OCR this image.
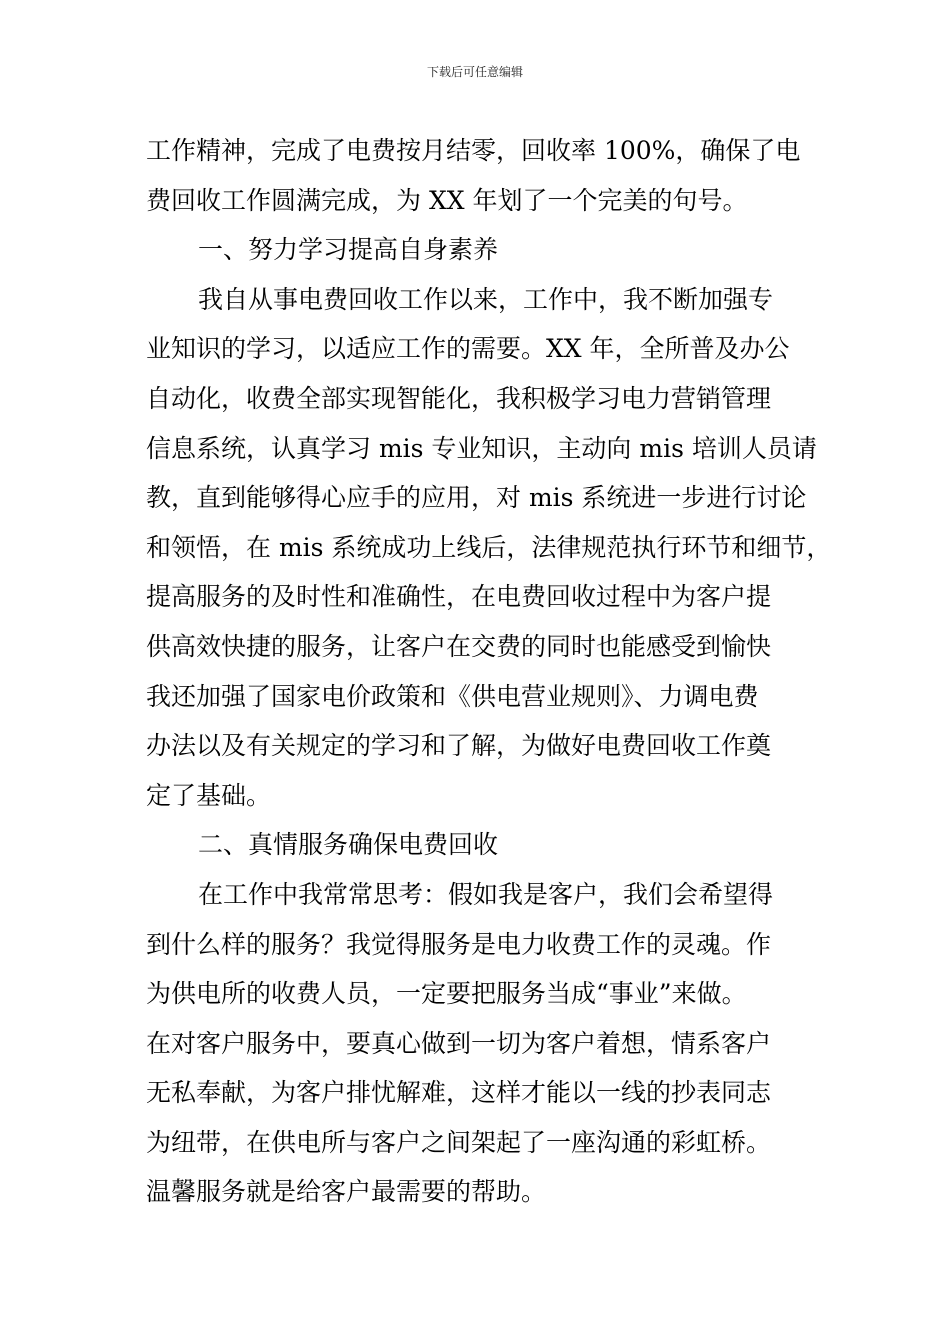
下载后可任意编辑
工作精神，完成了电费按月结零，回收率 100%，确保了电
费回收工作圆满完成，为 XX 年划了一个完美的句号。
一、努力学习提高自身素养
我自从事电费回收工作以来，工作中，我不断加强专
业知识的学习，以适应工作的需要。XX 年，全所普及办公
自动化，收费全部实现智能化，我积极学习电力营销管理
信息系统，认真学习 mis 专业知识，主动向 mis 培训人员请
教，直到能够得心应手的应用，对 mis 系统进一步进行讨论
和领悟，在 mis 系统成功上线后，法律规范执行环节和细节，
提高服务的及时性和准确性，在电费回收过程中为客户提
供高效快捷的服务，让客户在交费的同时也能感受到愉快
我还加强了国家电价政策和《供电营业规则》、力调电费
办法以及有关规定的学习和了解，为做好电费回收工作奠
定了基础。
二、真情服务确保电费回收
在工作中我常常思考：假如我是客户，我们会希望得
到什么样的服务？我觉得服务是电力收费工作的灵魂。作
为供电所的收费人员，一定要把服务当成“事业”来做。
在对客户服务中，要真心做到一切为客户着想，情系客户
无私奉献，为客户排忧解难，这样才能以一线的抄表同志
为纽带，在供电所与客户之间架起了一座沟通的彩虹桥。
温馨服务就是给客户最需要的帮助。
